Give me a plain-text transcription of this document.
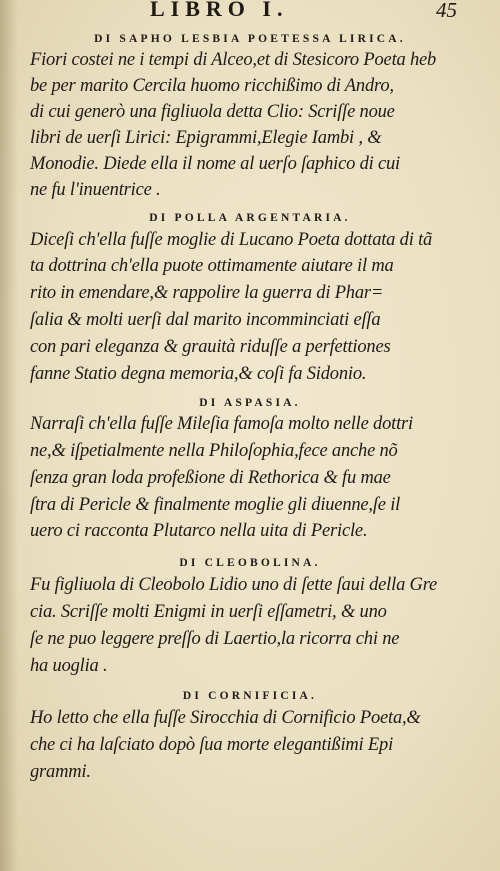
LIBRO I.	45
DI SAPHO LESBIA POETESSA LIRICA.
Fiori costei ne i tempi di Alceo,et di Stesicoro Poeta heb
be per marito Cercila huomo ricchißimo di Andro,
di cui generò una figliuola detta Clio: Scriſſe noue
libri de uerſi Lirici: Epigrammi,Elegie Iambi , &
Monodie. Diede ella il nome al uerſo ſaphico di cui
ne fu l'inuentrice .
DI POLLA ARGENTARIA.
Diceſi ch'ella fuſſe moglie di Lucano Poeta dottata di tã
ta dottrina ch'ella puote ottimamente aiutare il ma
rito in emendare,& rappolire la guerra di Phar=
ſalia & molti uerſi dal marito incomminciati eſſa
con pari eleganza & grauità riduſſe a perfettiones
fanne Statio degna memoria,& coſi fa Sidonio.
DI ASPASIA.
Narraſi ch'ella fuſſe Mileſia famoſa molto nelle dottri
ne,& iſpetialmente nella Philoſophia,fece anche nõ
ſenza gran loda profeßione di Rethorica & fu mae
ſtra di Pericle & finalmente moglie gli diuenne,ſe il
uero ci racconta Plutarco nella uita di Pericle.
DI CLEOBOLINA.
Fu figliuola di Cleobolo Lidio uno di ſette ſaui della Gre
cia. Scriſſe molti Enigmi in uerſi eſſametri, & uno
ſe ne puo leggere preſſo di Laertio,la ricorra chi ne
ha uoglia .
DI CORNIFICIA.
Ho letto che ella fuſſe Sirocchia di Cornificio Poeta,&
che ci ha laſciato dopò ſua morte elegantißimi Epi
grammi.
